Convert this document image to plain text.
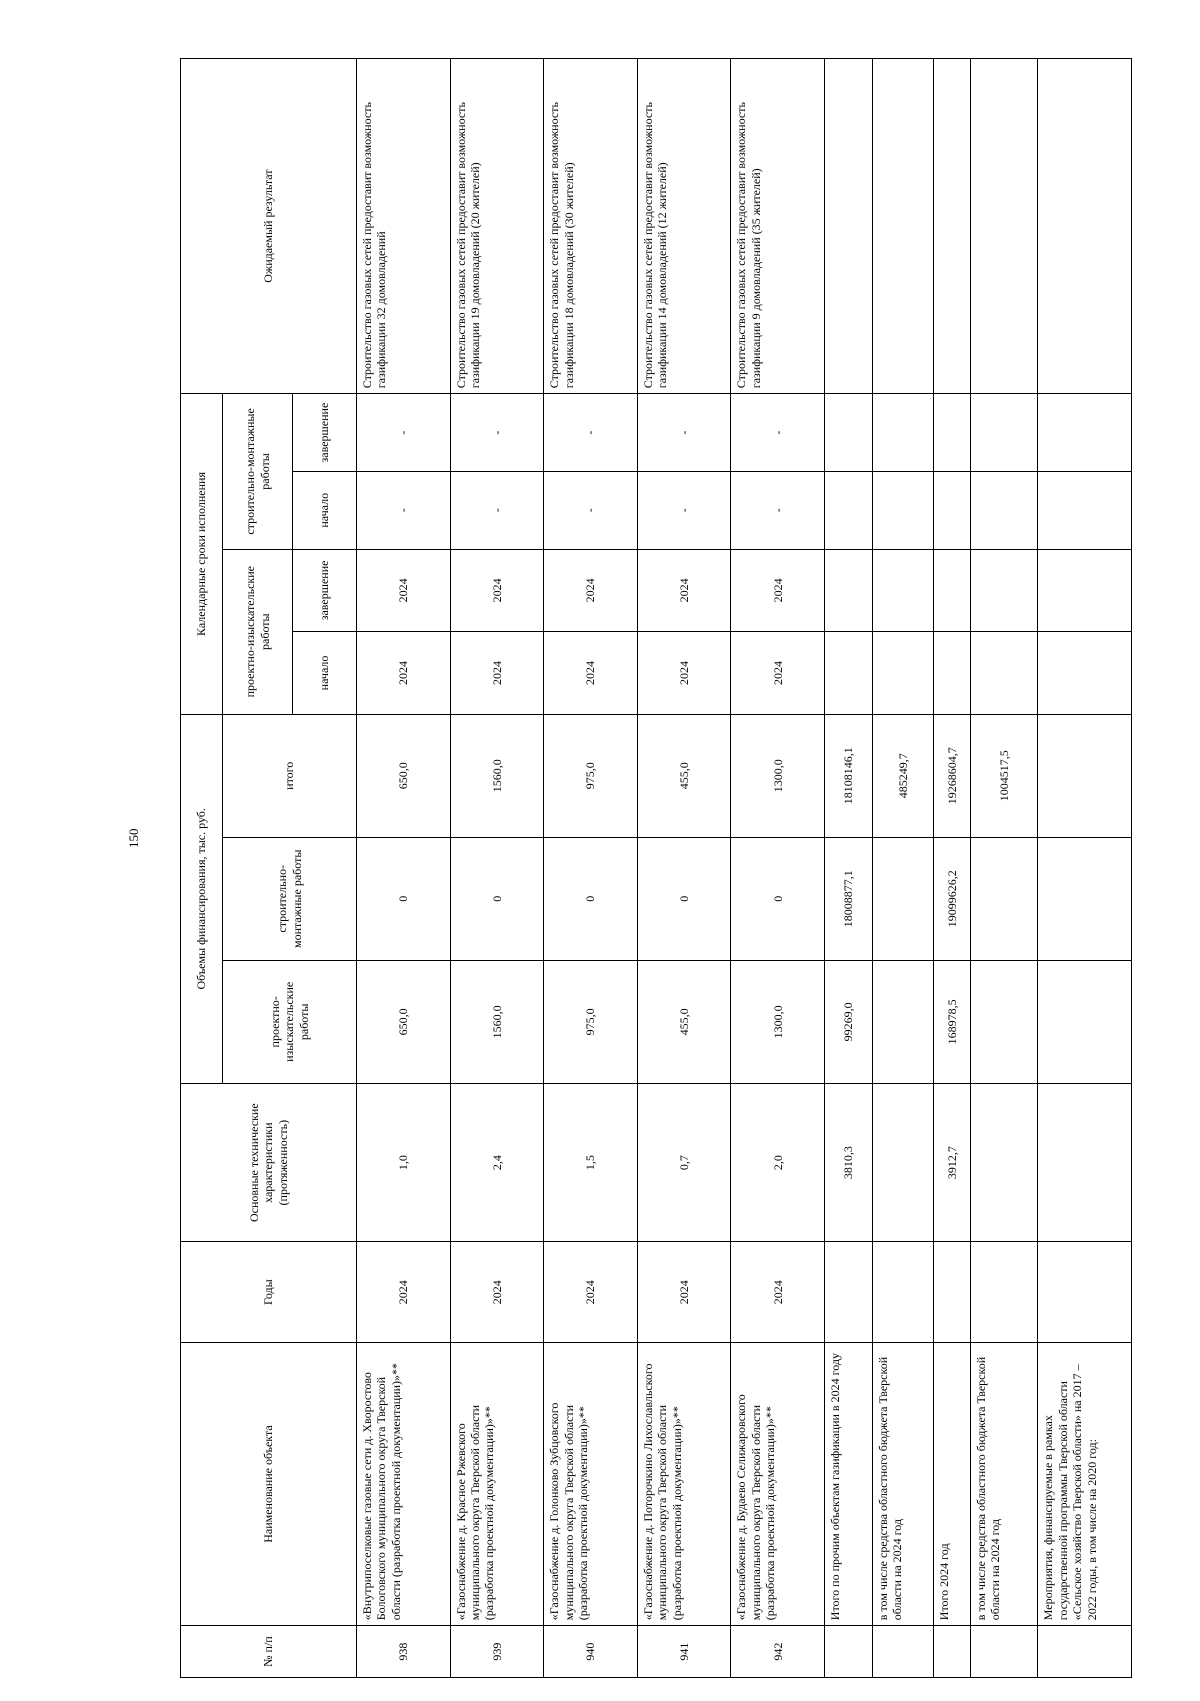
150
№ п/п	Наименование объекта	Годы	Основные технические характеристики (протяженность)	Объемы финансирования, тыс. руб.			Календарные сроки исполнения				Ожидаемый результат
				проектно-изыскательские работы	строительно-монтажные работы	итого	проектно-изыскательские работы		строительно-монтажные работы		
							начало	завершение	начало	завершение	
938	«Внутрипоселковые газовые сети д. Хворостово Бологовского муниципального округа Тверской области (разработка проектной документации)»**	2024	1,0	650,0	0	650,0	2024	2024	-	-	Строительство газовых сетей предоставит возможность газификации 32 домовладений
939	«Газоснабжение д. Красное Ржевского муниципального округа Тверской области (разработка проектной документации)»**	2024	2,4	1560,0	0	1560,0	2024	2024	-	-	Строительство газовых сетей предоставит возможность газификации 19 домовладений (20 жителей)
940	«Газоснабжение д. Голонково Зубцовского муниципального округа Тверской области (разработка проектной документации)»**	2024	1,5	975,0	0	975,0	2024	2024	-	-	Строительство газовых сетей предоставит возможность газификации 18 домовладений (30 жителей)
941	«Газоснабжение д. Поторочкино Лихославльского муниципального округа Тверской области (разработка проектной документации)»**	2024	0,7	455,0	0	455,0	2024	2024	-	-	Строительство газовых сетей предоставит возможность газификации 14 домовладений (12 жителей)
942	«Газоснабжение д. Будаево Селижаровского муниципального округа Тверской области (разработка проектной документации)»**	2024	2,0	1300,0	0	1300,0	2024	2024	-	-	Строительство газовых сетей предоставит возможность газификации 9 домовладений (35 жителей)
	Итого по прочим объектам газификации в 2024 году		3810,3	99269,0	18008877,1	18108146,1					
	в том числе средства областного бюджета Тверской области на 2024 год					485249,7					
	Итого 2024 год		3912,7	168978,5	19099626,2	19268604,7					
	в том числе средства областного бюджета Тверской области на 2024 год					1004517,5					
	Мероприятия, финансируемые в рамках государственной программы Тверской области «Сельское хозяйство Тверской области» на 2017 – 2022 годы, в том числе на 2020 год:										
